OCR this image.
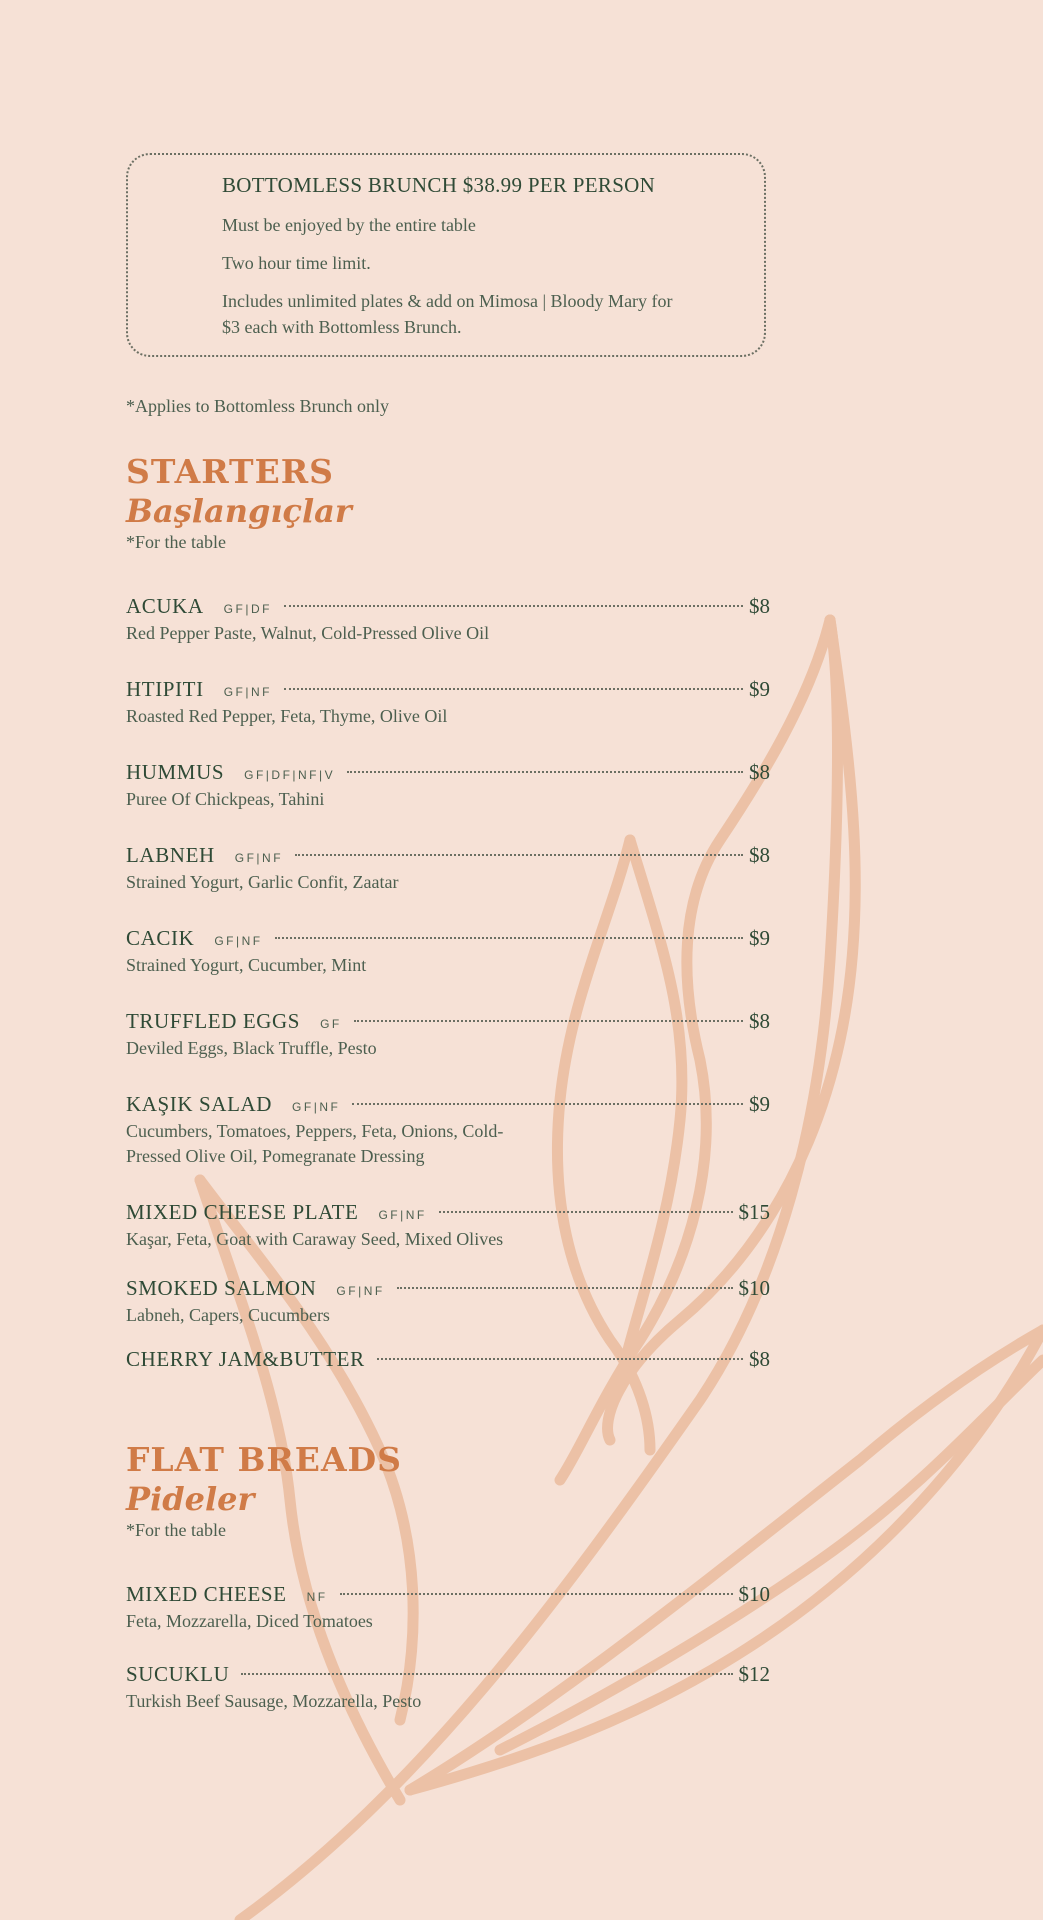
BOTTOMLESS BRUNCH $38.99 PER PERSON

Must be enjoyed by the entire table

Two hour time limit.

Includes unlimited plates & add on Mimosa | Bloody Mary for $3 each with Bottomless Brunch.

*Applies to Bottomless Brunch only
STARTERS
Başlangıçlar
*For the table
ACUKA GF|DF	$8
Red Pepper Paste, Walnut, Cold-Pressed Olive Oil
HTIPITI GF|NF	$9
Roasted Red Pepper, Feta, Thyme, Olive Oil
HUMMUS GF|DF|NF|V	$8
Puree Of Chickpeas, Tahini
LABNEH GF|NF	$8
Strained Yogurt, Garlic Confit, Zaatar
CACIK GF|NF	$9
Strained Yogurt, Cucumber, Mint
TRUFFLED EGGS GF	$8
Deviled Eggs, Black Truffle, Pesto
KAŞIK SALAD GF|NF	$9
Cucumbers, Tomatoes, Peppers, Feta, Onions, Cold-Pressed Olive Oil, Pomegranate Dressing
MIXED CHEESE PLATE GF|NF	$15
Kaşar, Feta, Goat with Caraway Seed, Mixed Olives
SMOKED SALMON GF|NF	$10
Labneh, Capers, Cucumbers
CHERRY JAM&BUTTER	$8
FLAT BREADS
Pideler
*For the table
MIXED CHEESE NF	$10
Feta, Mozzarella, Diced Tomatoes
SUCUKLU	$12
Turkish Beef Sausage, Mozzarella, Pesto
